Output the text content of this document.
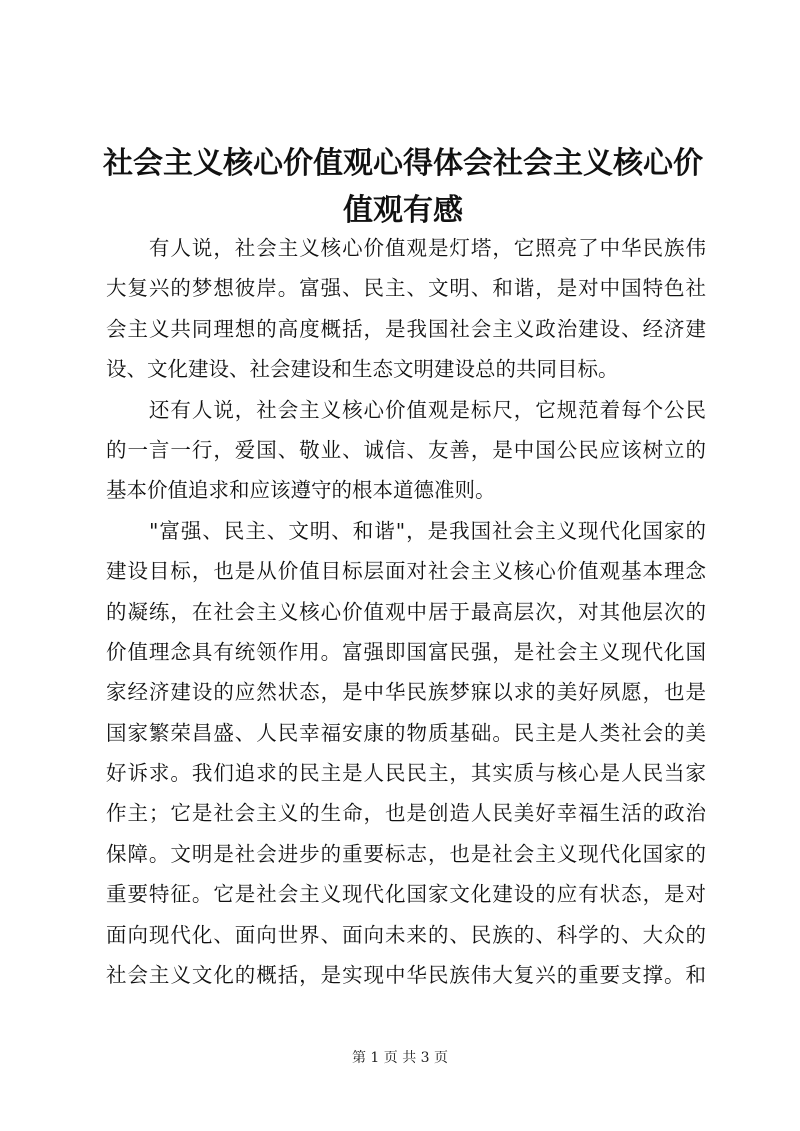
社会主义核心价值观心得体会社会主义核心价
值观有感

　　有人说，社会主义核心价值观是灯塔，它照亮了中华民族伟
大复兴的梦想彼岸。富强、民主、文明、和谐，是对中国特色社
会主义共同理想的高度概括，是我国社会主义政治建设、经济建
设、文化建设、社会建设和生态文明建设总的共同目标。

　　还有人说，社会主义核心价值观是标尺，它规范着每个公民
的一言一行，爱国、敬业、诚信、友善，是中国公民应该树立的
基本价值追求和应该遵守的根本道德准则。

　　"富强、民主、文明、和谐"，是我国社会主义现代化国家的
建设目标，也是从价值目标层面对社会主义核心价值观基本理念
的凝练，在社会主义核心价值观中居于最高层次，对其他层次的
价值理念具有统领作用。富强即国富民强，是社会主义现代化国
家经济建设的应然状态，是中华民族梦寐以求的美好夙愿，也是
国家繁荣昌盛、人民幸福安康的物质基础。民主是人类社会的美
好诉求。我们追求的民主是人民民主，其实质与核心是人民当家
作主；它是社会主义的生命，也是创造人民美好幸福生活的政治
保障。文明是社会进步的重要标志，也是社会主义现代化国家的
重要特征。它是社会主义现代化国家文化建设的应有状态，是对
面向现代化、面向世界、面向未来的、民族的、科学的、大众的
社会主义文化的概括，是实现中华民族伟大复兴的重要支撑。和

第 1 页 共 3 页
